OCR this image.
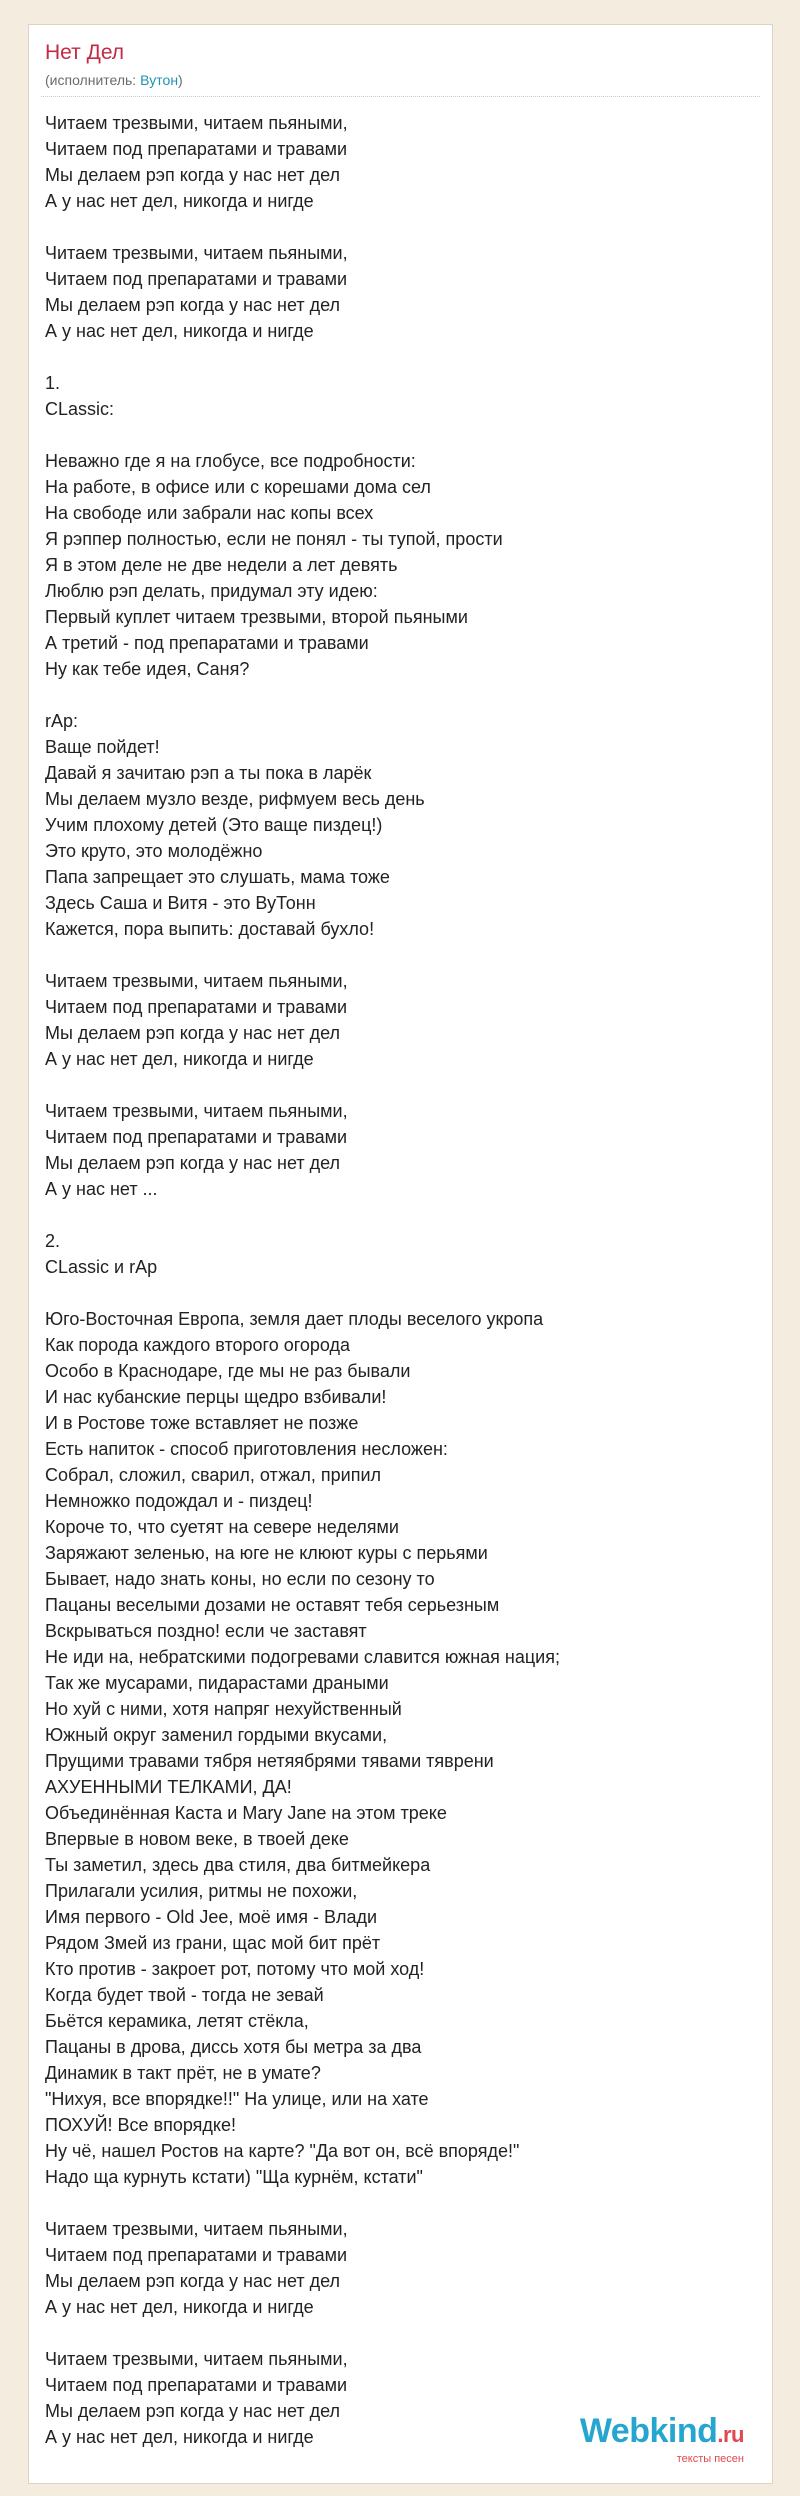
Нет Дел
(исполнитель: Вутон)
Читаем трезвыми, читаем пьяными,
Читаем под препаратами и травами
Мы делаем рэп когда у нас нет дел
А у нас нет дел, никогда и нигде
Читаем трезвыми, читаем пьяными,
Читаем под препаратами и травами
Мы делаем рэп когда у нас нет дел
А у нас нет дел, никогда и нигде
1.
CLassic:
Неважно где я на глобусе, все подробности:
На работе, в офисе или с корешами дома сел
На свободе или забрали нас копы всех
Я рэппер полностью, если не понял - ты тупой, прости
Я в этом деле не две недели а лет девять
Люблю рэп делать, придумал эту идею:
Первый куплет читаем трезвыми, второй пьяными
А третий - под препаратами и травами
Ну как тебе идея, Саня?
rAp:
Ваще пойдет!
Давай я зачитаю рэп а ты пока в ларёк
Мы делаем музло везде, рифмуем весь день
Учим плохому детей (Это ваще пиздец!)
Это круто, это молодёжно
Папа запрещает это слушать, мама тоже
Здесь Саша и Витя - это ВуТонн
Кажется, пора выпить: доставай бухло!
Читаем трезвыми, читаем пьяными,
Читаем под препаратами и травами
Мы делаем рэп когда у нас нет дел
А у нас нет дел, никогда и нигде
Читаем трезвыми, читаем пьяными,
Читаем под препаратами и травами
Мы делаем рэп когда у нас нет дел
А у нас нет ...
2.
CLassic и rAp
Юго-Восточная Европа, земля дает плоды веселого укропа
Как порода каждого второго огорода
Особо в Краснодаре, где мы не раз бывали
И нас кубанские перцы щедро взбивали!
И в Ростове тоже вставляет не позже
Есть напиток - способ приготовления несложен:
Собрал, сложил, сварил, отжал, припил
Немножко подождал и - пиздец!
Короче то, что суетят на севере неделями
Заряжают зеленью, на юге не клюют куры с перьями
Бывает, надо знать коны, но если по сезону то
Пацаны веселыми дозами не оставят тебя серьезным
Вскрываться поздно! если че заставят
Не иди на, небратскими подогревами славится южная нация;
Так же мусарами, пидарастами драными
Но хуй с ними, хотя напряг нехуйственный
Южный округ заменил гордыми вкусами,
Прущими травами тября нетяябрями тявами тяврени
АХУЕННЫМИ ТЕЛКАМИ, ДА!
Объединённая Каста и Mary Jane на этом треке
Впервые в новом веке, в твоей деке
Ты заметил, здесь два стиля, два битмейкера
Прилагали усилия, ритмы не похожи,
Имя первого - Old Jee, моё имя - Влади
Рядом Змей из грани, щас мой бит прёт
Кто против - закроет рот, потому что мой ход!
Когда будет твой - тогда не зевай
Бьётся керамика, летят стёкла,
Пацаны в дрова, дисcь хотя бы метра за два
Динамик в такт прёт, не в умате?
"Нихуя, все впорядке!!" На улице, или на хате
ПОХУЙ! Все впорядке!
Ну чё, нашел Ростов на карте? "Да вот он, всё впоряде!"
Надо ща курнуть кстати) "Ща курнём, кстати"
Читаем трезвыми, читаем пьяными,
Читаем под препаратами и травами
Мы делаем рэп когда у нас нет дел
А у нас нет дел, никогда и нигде
Читаем трезвыми, читаем пьяными,
Читаем под препаратами и травами
Мы делаем рэп когда у нас нет дел
А у нас нет дел, никогда и нигде	Webkind.ru
тексты песен
